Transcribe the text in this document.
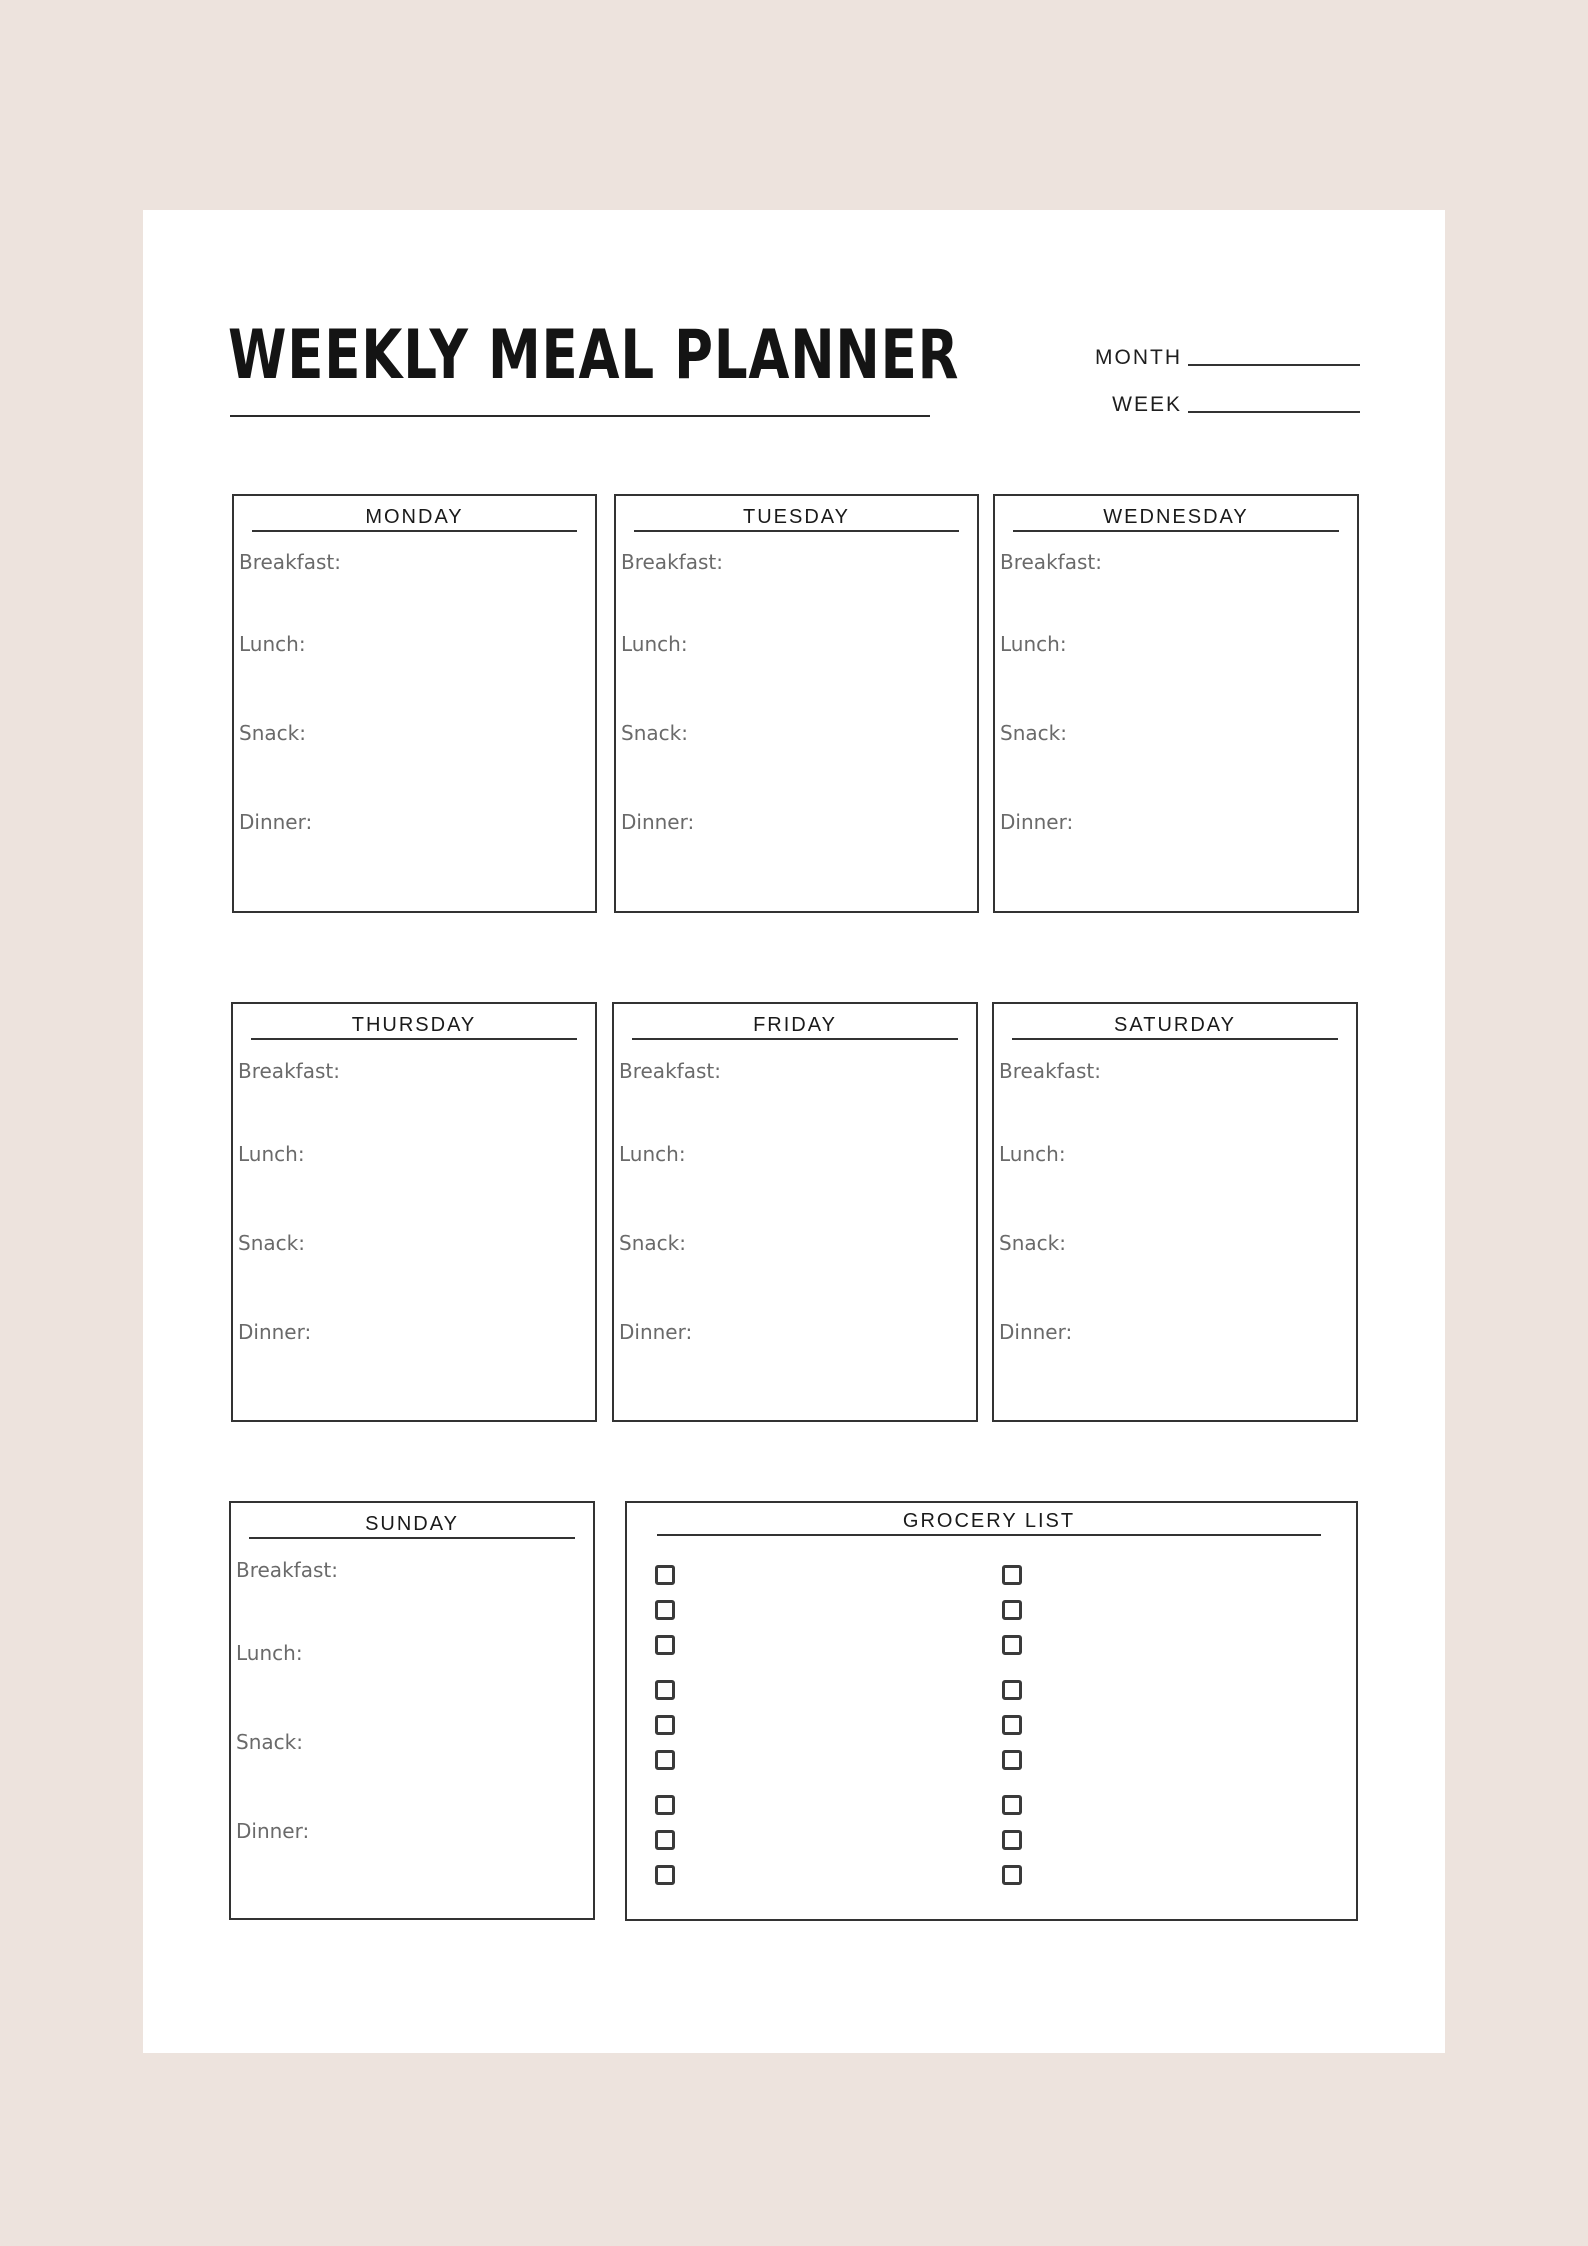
WEEKLY MEAL PLANNER	MONTH
WEEK
MONDAY
Breakfast:
Lunch:
Snack:
Dinner:
TUESDAY
Breakfast:
Lunch:
Snack:
Dinner:
WEDNESDAY
Breakfast:
Lunch:
Snack:
Dinner:
THURSDAY
Breakfast:
Lunch:
Snack:
Dinner:
FRIDAY
Breakfast:
Lunch:
Snack:
Dinner:
SATURDAY
Breakfast:
Lunch:
Snack:
Dinner:
SUNDAY
Breakfast:
Lunch:
Snack:
Dinner:
GROCERY LIST
